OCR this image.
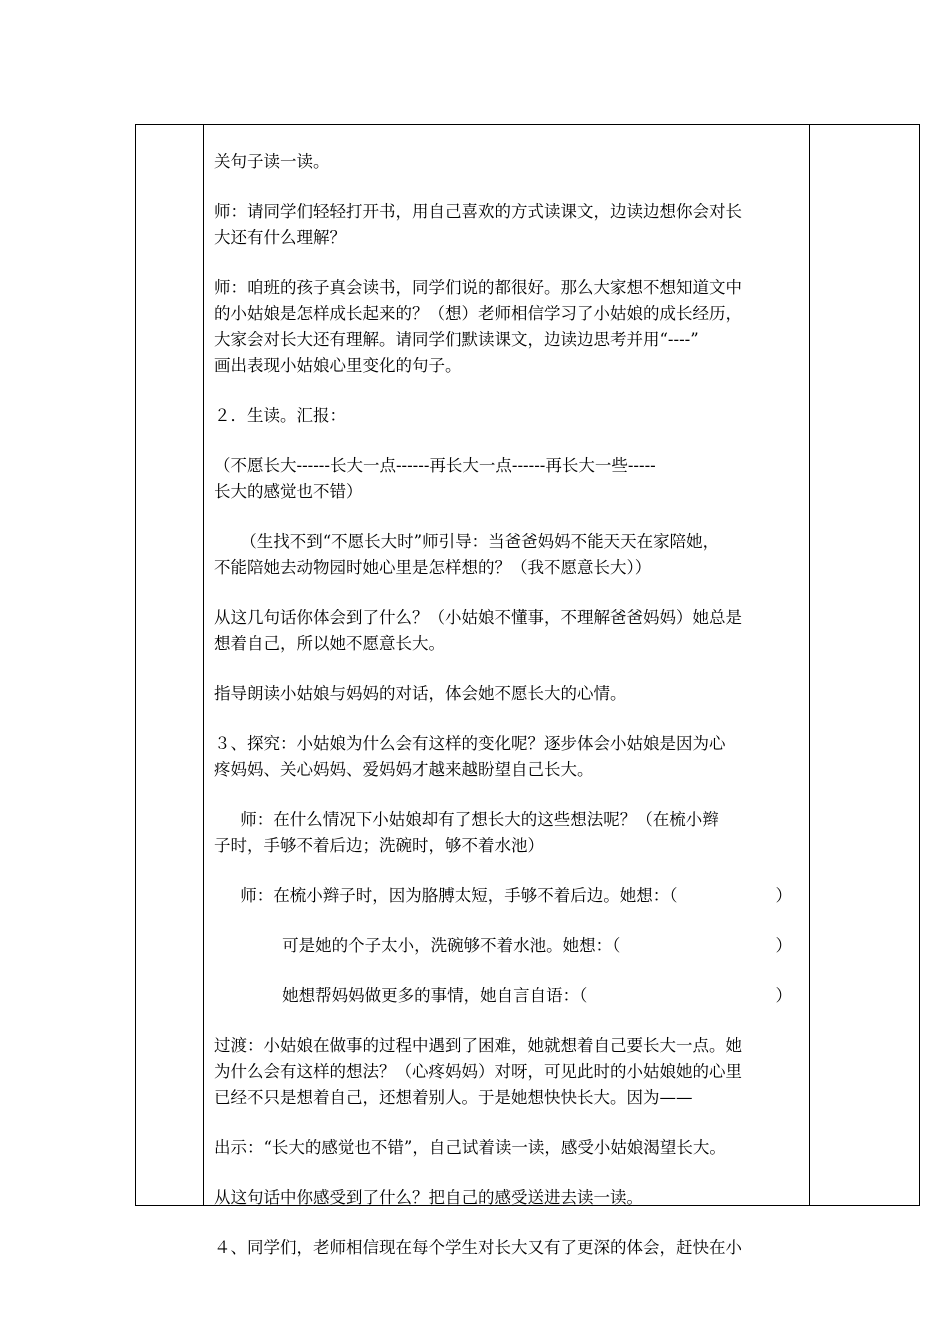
关句子读一读。
师：请同学们轻轻打开书，用自己喜欢的方式读课文，边读边想你会对长
大还有什么理解？
师：咱班的孩子真会读书，同学们说的都很好。那么大家想不想知道文中
的小姑娘是怎样成长起来的？（想）老师相信学习了小姑娘的成长经历，
大家会对长大还有理解。请同学们默读课文，边读边思考并用“----”
画出表现小姑娘心里变化的句子。
２．生读。汇报：
（不愿长大------长大一点------再长大一点------再长大一些-----
长大的感觉也不错）
（生找不到“不愿长大时”师引导：当爸爸妈妈不能天天在家陪她，
不能陪她去动物园时她心里是怎样想的？（我不愿意长大））
从这几句话你体会到了什么？（小姑娘不懂事，不理解爸爸妈妈）她总是
想着自己，所以她不愿意长大。
指导朗读小姑娘与妈妈的对话，体会她不愿长大的心情。
３、探究：小姑娘为什么会有这样的变化呢？逐步体会小姑娘是因为心
疼妈妈、关心妈妈、爱妈妈才越来越盼望自己长大。
师：在什么情况下小姑娘却有了想长大的这些想法呢？（在梳小辫
子时，手够不着后边；洗碗时，够不着水池）
师：在梳小辫子时，因为胳膊太短，手够不着后边。她想：（	）
可是她的个子太小，洗碗够不着水池。她想：（	）
她想帮妈妈做更多的事情，她自言自语：（	）
过渡：小姑娘在做事的过程中遇到了困难，她就想着自己要长大一点。她
为什么会有这样的想法？（心疼妈妈）对呀，可见此时的小姑娘她的心里
已经不只是想着自己，还想着别人。于是她想快快长大。因为——
出示：“长大的感觉也不错”，自己试着读一读，感受小姑娘渴望长大。
从这句话中你感受到了什么？把自己的感受送进去读一读。
４、同学们，老师相信现在每个学生对长大又有了更深的体会，赶快在小
